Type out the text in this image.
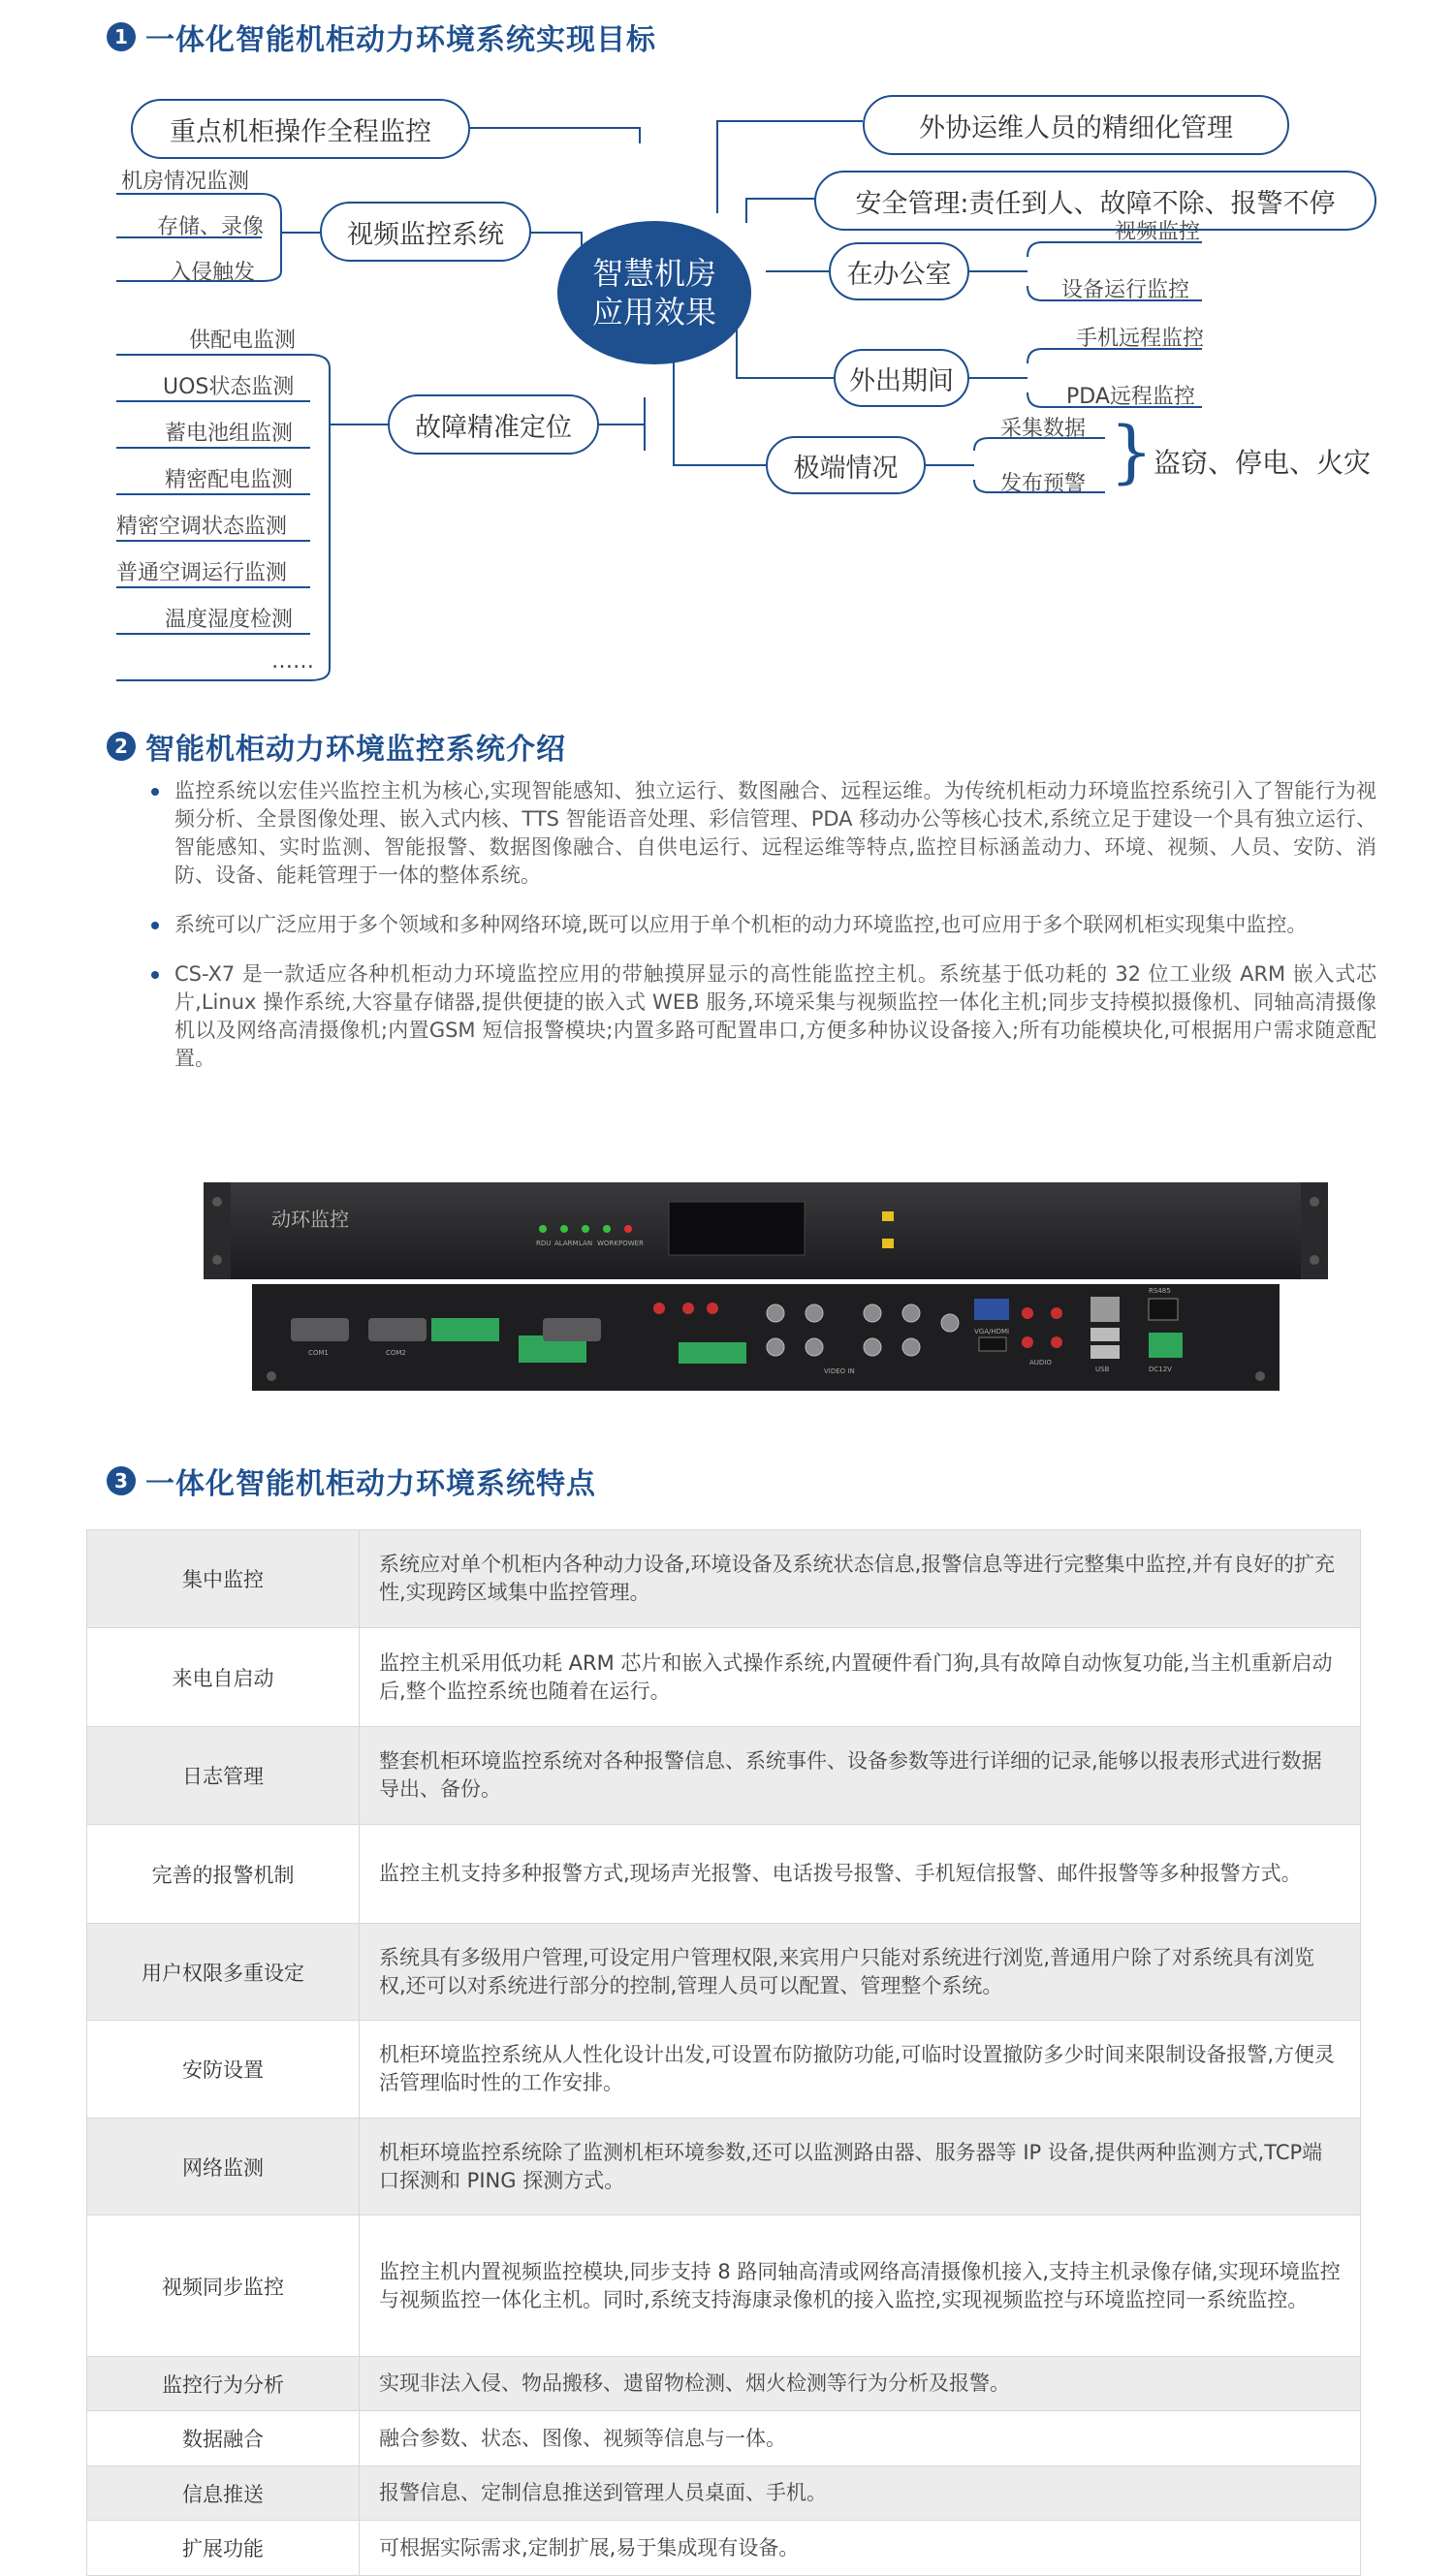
1 一体化智能机柜动力环境系统实现目标
重点机柜操作全程监控
视频监控系统
机房情况监测
存储、录像
入侵触发
故障精准定位
供配电监测
UOS状态监测
蓄电池组监测
精密配电监测
精密空调状态监测
普通空调运行监测
温度湿度检测
……
智慧机房
应用效果
外协运维人员的精细化管理
安全管理:责任到人、故障不除、报警不停
在办公室
视频监控
设备运行监控
外出期间
手机远程监控
PDA远程监控
极端情况
采集数据
发布预警 } 盗窃、停电、火灾
2 智能机柜动力环境监控系统介绍
监控系统以宏佳兴监控主机为核心,实现智能感知、独立运行、数图融合、远程运维。为传统机柜动力环境监控系统引入了智能行为视频分析、全景图像处理、嵌入式内核、TTS 智能语音处理、彩信管理、PDA 移动办公等核心技术,系统立足于建设一个具有独立运行、智能感知、实时监测、智能报警、数据图像融合、自供电运行、远程运维等特点,监控目标涵盖动力、环境、视频、人员、安防、消防、设备、能耗管理于一体的整体系统。
系统可以广泛应用于多个领域和多种网络环境,既可以应用于单个机柜的动力环境监控,也可应用于多个联网机柜实现集中监控。
CS-X7 是一款适应各种机柜动力环境监控应用的带触摸屏显示的高性能监控主机。系统基于低功耗的 32 位工业级 ARM 嵌入式芯片,Linux 操作系统,大容量存储器,提供便捷的嵌入式 WEB 服务,环境采集与视频监控一体化主机;同步支持模拟摄像机、同轴高清摄像机以及网络高清摄像机;内置GSM 短信报警模块;内置多路可配置串口,方便多种协议设备接入;所有功能模块化,可根据用户需求随意配置。
动环监控
RDU ALARM LAN WORK POWER
COM1	COM2
VIDEO IN
VGA/HDMI
AUDIO
USB
RS485
DC12V
3 一体化智能机柜动力环境系统特点
集中监控	系统应对单个机柜内各种动力设备,环境设备及系统状态信息,报警信息等进行完整集中监控,并有良好的扩充性,实现跨区域集中监控管理。
来电自启动	监控主机采用低功耗 ARM 芯片和嵌入式操作系统,内置硬件看门狗,具有故障自动恢复功能,当主机重新启动后,整个监控系统也随着在运行。
日志管理	整套机柜环境监控系统对各种报警信息、系统事件、设备参数等进行详细的记录,能够以报表形式进行数据导出、备份。
完善的报警机制	监控主机支持多种报警方式,现场声光报警、电话拨号报警、手机短信报警、邮件报警等多种报警方式。
用户权限多重设定	系统具有多级用户管理,可设定用户管理权限,来宾用户只能对系统进行浏览,普通用户除了对系统具有浏览权,还可以对系统进行部分的控制,管理人员可以配置、管理整个系统。
安防设置	机柜环境监控系统从人性化设计出发,可设置布防撤防功能,可临时设置撤防多少时间来限制设备报警,方便灵活管理临时性的工作安排。
网络监测	机柜环境监控系统除了监测机柜环境参数,还可以监测路由器、服务器等 IP 设备,提供两种监测方式,TCP端口探测和 PING 探测方式。
视频同步监控	监控主机内置视频监控模块,同步支持 8 路同轴高清或网络高清摄像机接入,支持主机录像存储,实现环境监控与视频监控一体化主机。同时,系统支持海康录像机的接入监控,实现视频监控与环境监控同一系统监控。
监控行为分析	实现非法入侵、物品搬移、遗留物检测、烟火检测等行为分析及报警。
数据融合	融合参数、状态、图像、视频等信息与一体。
信息推送	报警信息、定制信息推送到管理人员桌面、手机。
扩展功能	可根据实际需求,定制扩展,易于集成现有设备。
